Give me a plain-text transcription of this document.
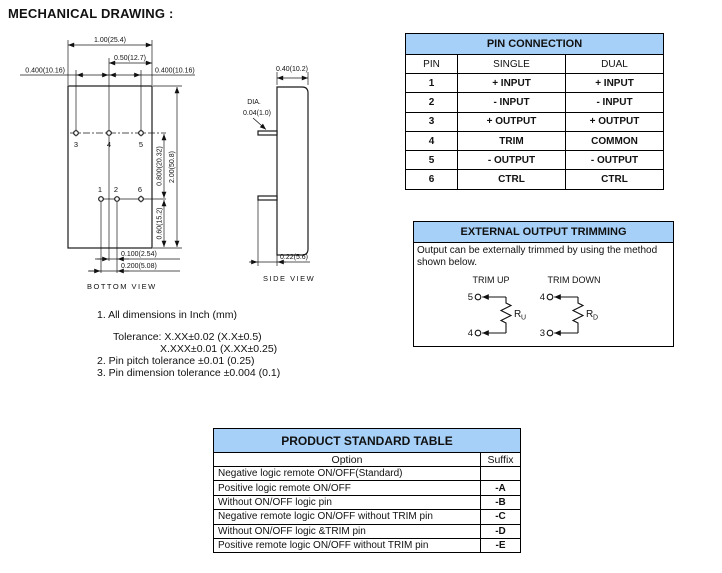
MECHANICAL DRAWING :
1.00(25.4)
0.50(12.7)
0.400(10.16)	0.400(10.16)
0.800(20.32)
0.60(15.2)
2.00(50.8)
3	4	5
1 2	6
0.100(2.54)
0.200(5.08)
BOTTOM VIEW
0.40(10.2)
DIA.
0.04(1.0)
0.22(5.6)
SIDE VIEW
1. All dimensions in Inch (mm)
Tolerance: X.XX±0.02 (X.X±0.5)
X.XXX±0.01 (X.XX±0.25)
2. Pin pitch tolerance ±0.01 (0.25)
3. Pin dimension tolerance ±0.004 (0.1)
PIN CONNECTION		
PIN	SINGLE	DUAL
1	+ INPUT	+ INPUT
2	- INPUT	- INPUT
3	+ OUTPUT	+ OUTPUT
4	TRIM	COMMON
5	- OUTPUT	- OUTPUT
6	CTRL	CTRL
EXTERNAL OUTPUT TRIMMING
Output can be externally trimmed by using the method shown below.
TRIM UP
5
4
R U
TRIM DOWN
4
3
R D
PRODUCT STANDARD TABLE	
Option	Suffix
Negative logic remote ON/OFF(Standard)	
Positive logic remote ON/OFF	-A
Without ON/OFF logic pin	-B
Negative remote logic ON/OFF without TRIM pin	-C
Without ON/OFF logic &TRIM pin	-D
Positive remote logic ON/OFF without TRIM pin	-E
